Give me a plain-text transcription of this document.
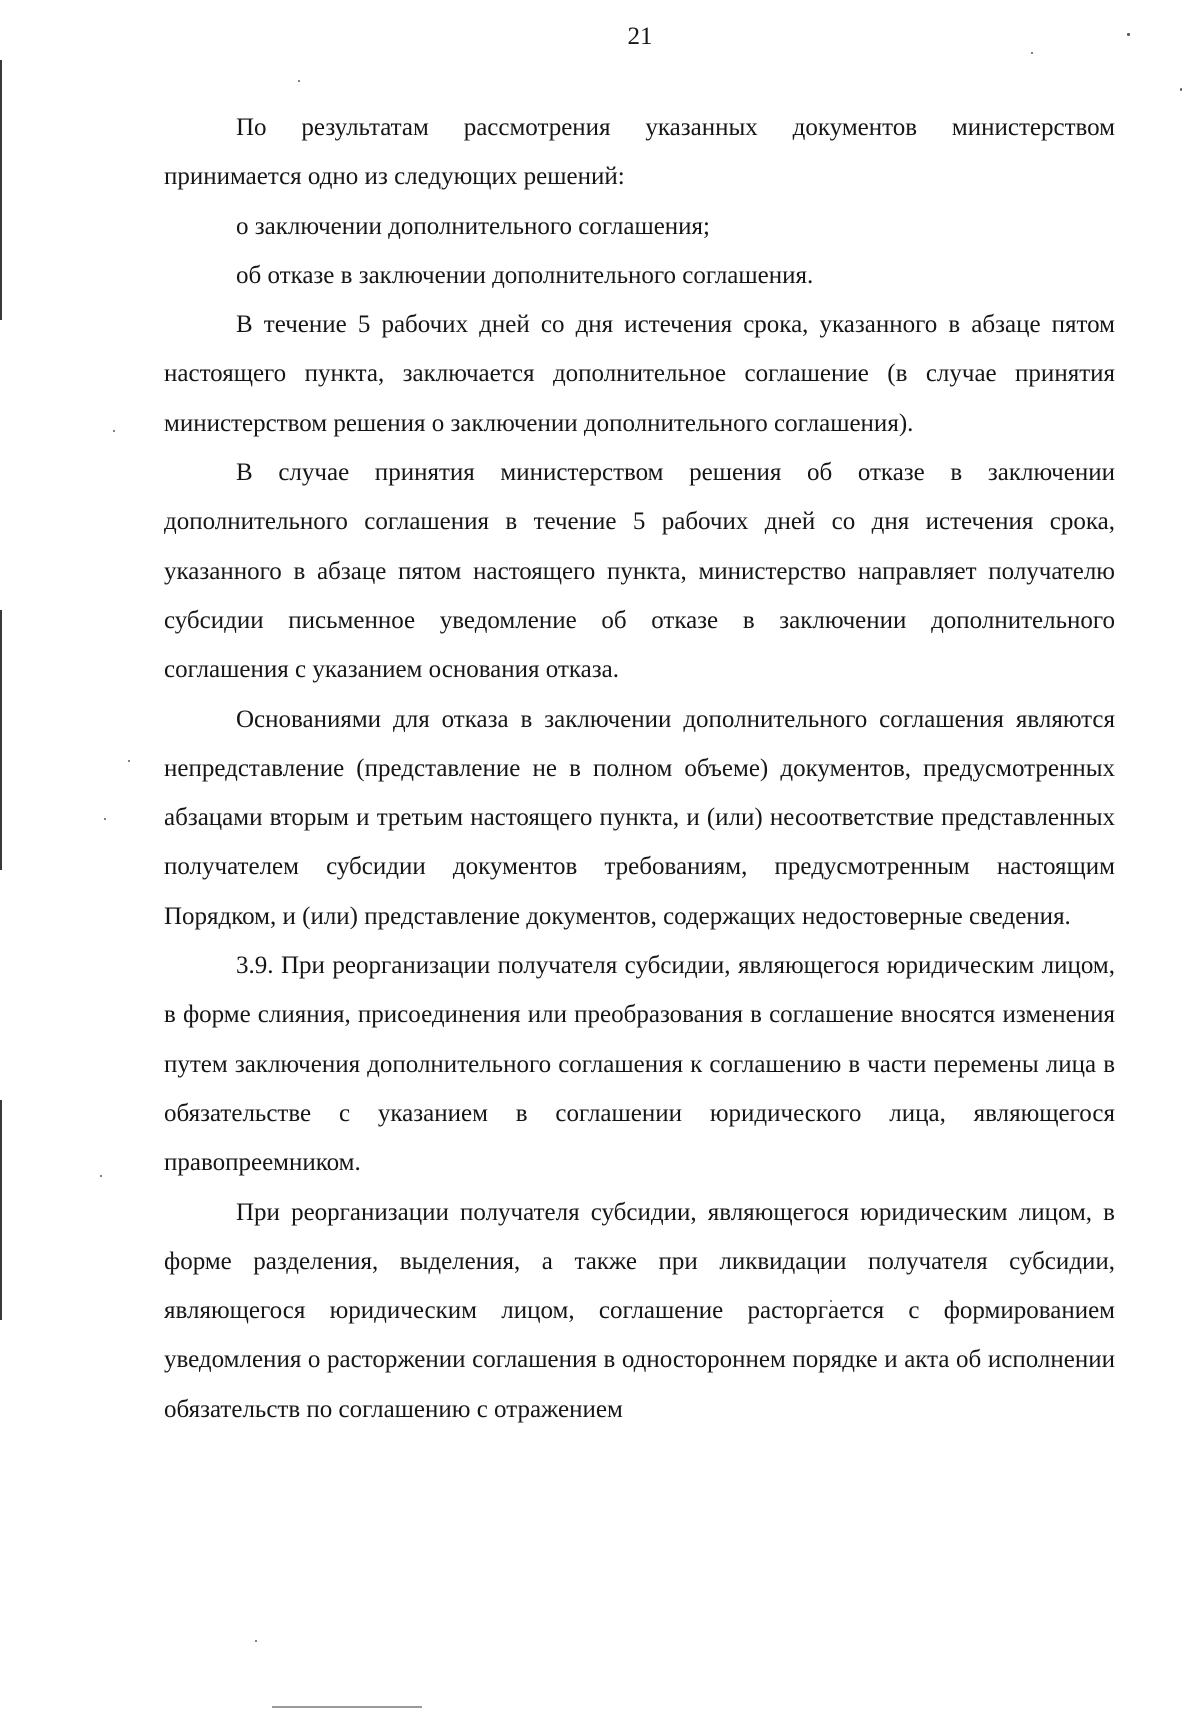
21

По результатам рассмотрения указанных документов министерством принимается одно из следующих решений:

о заключении дополнительного соглашения;

об отказе в заключении дополнительного соглашения.

В течение 5 рабочих дней со дня истечения срока, указанного в абзаце пятом настоящего пункта, заключается дополнительное соглашение (в случае принятия министерством решения о заключении дополнительного соглашения).

В случае принятия министерством решения об отказе в заключении дополнительного соглашения в течение 5 рабочих дней со дня истечения срока, указанного в абзаце пятом настоящего пункта, министерство направляет получателю субсидии письменное уведомление об отказе в заключении дополнительного соглашения с указанием основания отказа.

Основаниями для отказа в заключении дополнительного соглашения являются непредставление (представление не в полном объеме) документов, предусмотренных абзацами вторым и третьим настоящего пункта, и (или) несоответствие представленных получателем субсидии документов требованиям, предусмотренным настоящим Порядком, и (или) представление документов, содержащих недостоверные сведения.

3.9. При реорганизации получателя субсидии, являющегося юридическим лицом, в форме слияния, присоединения или преобразования в соглашение вносятся изменения путем заключения дополнительного соглашения к соглашению в части перемены лица в обязательстве с указанием в соглашении юридического лица, являющегося правопреемником.

При реорганизации получателя субсидии, являющегося юридическим лицом, в форме разделения, выделения, а также при ликвидации получателя субсидии, являющегося юридическим лицом, соглашение расторгается с формированием уведомления о расторжении соглашения в одностороннем порядке и акта об исполнении обязательств по соглашению с отражением
